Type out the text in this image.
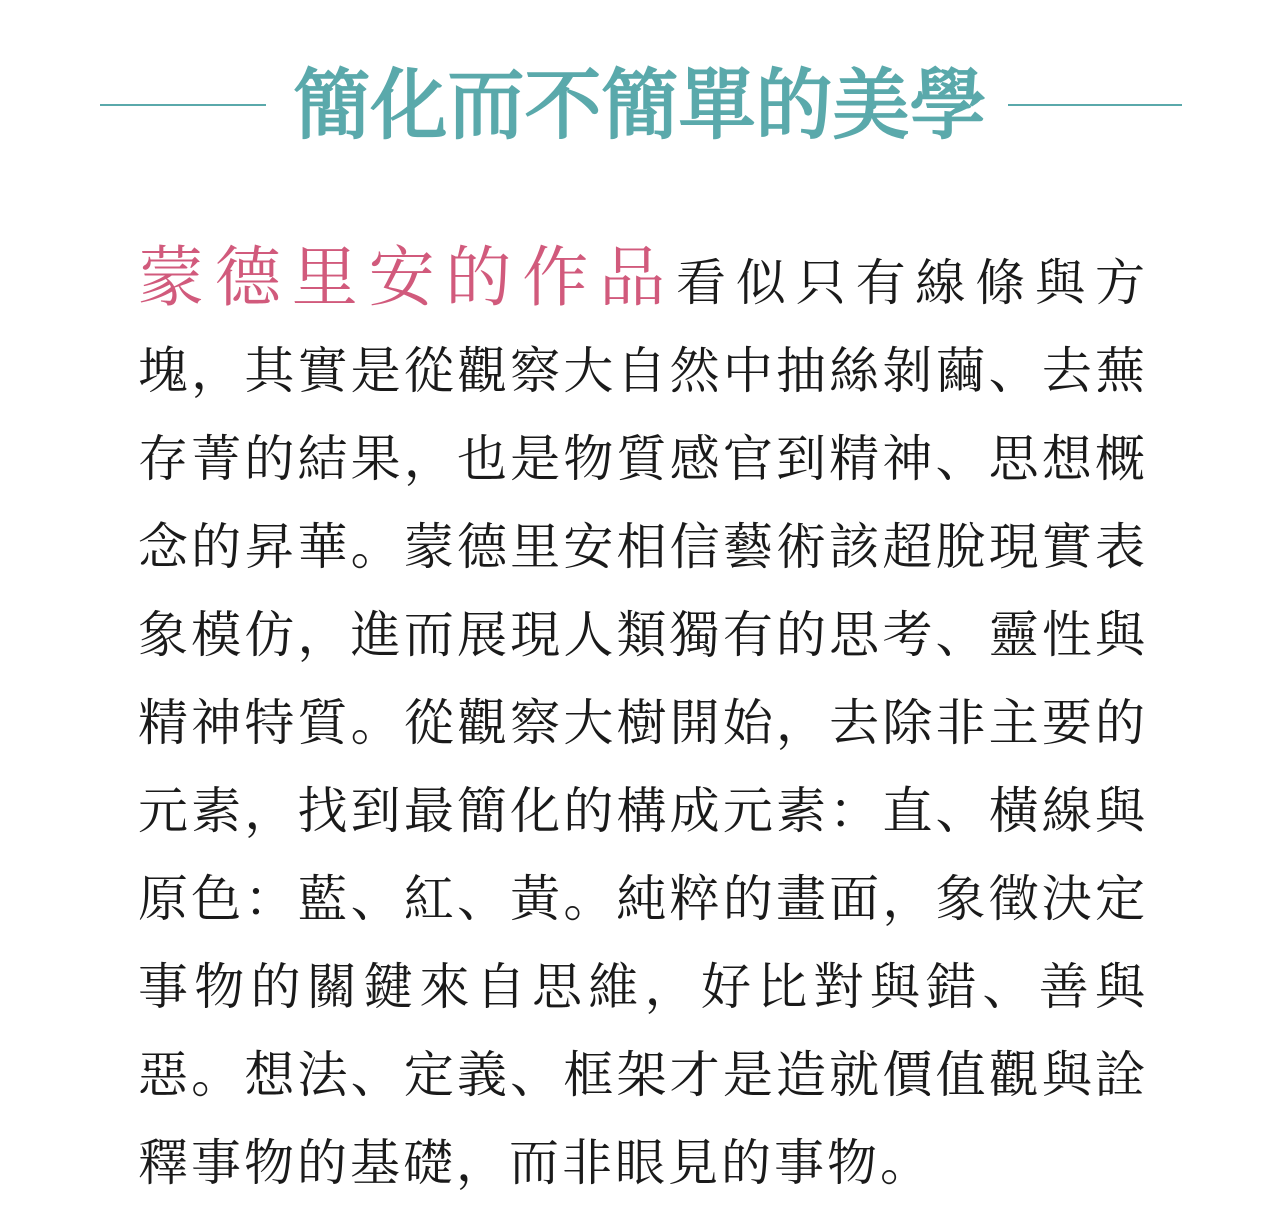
簡化而不簡單的美學

蒙德里安的作品看似只有線條與方塊，其實是從觀察大自然中抽絲剝繭、去蕪存菁的結果，也是物質感官到精神、思想概念的昇華。蒙德里安相信藝術該超脫現實表象模仿，進而展現人類獨有的思考、靈性與精神特質。從觀察大樹開始，去除非主要的元素，找到最簡化的構成元素：直、橫線與原色：藍、紅、黃。純粹的畫面，象徵決定事物的關鍵來自思維，好比對與錯、善與惡。想法、定義、框架才是造就價值觀與詮釋事物的基礎，而非眼見的事物。
